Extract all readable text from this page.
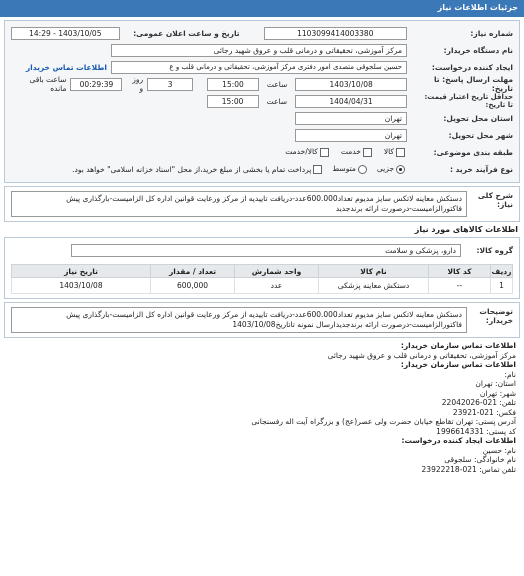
جزئیات اطلاعات نیاز
شماره نیاز:
1103099414003380
تاریخ و ساعت اعلان عمومی:
1403/10/05 - 14:29
نام دستگاه خریدار:
مرکز آموزشی، تحقیقاتی و درمانی قلب و عروق شهید رجائی
ایجاد کننده درخواست:
حسین سلجوقی متصدی امور دفتری مرکز آموزشی، تحقیقاتی و درمانی قلب و ع
اطلاعات تماس خریدار
مهلت ارسال پاسخ: تا تاریخ:
1403/10/08
ساعت
15:00
3
روز و
00:29:39
ساعت باقی مانده
حداقل تاریخ اعتبار قیمت: تا تاریخ:
1404/04/31
ساعت
15:00
استان محل تحویل:
تهران
شهر محل تحویل:
تهران
طبقه بندی موضوعی:
کالا
خدمت
کالا/خدمت
نوع فرآیند خرید :
جزیی
متوسط
پرداخت تمام یا بخشی از مبلغ خرید،از محل "اسناد خزانه اسلامی" خواهد بود.
شرح کلی نیاز:
دستکش معاینه لاتکس سایز مدیوم تعداد600.000عدد-دریافت تاییدیه از مرکز ورعایت قوانین اداره کل الزامیست-بارگذاری پیش فاکتورالزامیست-درصورت ارائه برندجدید
اطلاعات کالاهای مورد نیاز
گروه کالا:
دارو، پزشکی و سلامت
ردیف	کد کالا	نام کالا	واحد شمارش	تعداد / مقدار	تاریخ نیاز
1	--	دستکش معاینه پزشکی	عدد	600,000	1403/10/08
توضیحات خریدار:
دستکش معاینه لاتکس سایز مدیوم تعداد600.000عدد-دریافت تاییدیه از مرکز ورعایت قوانین اداره کل الزامیست-بارگذاری پیش فاکتورالزامیست-درصورت ارائه برندجدیدارسال نمونه تاتاریخ1403/10/08
اطلاعات تماس سازمان خریدار:
مرکز آموزشی، تحقیقاتی و درمانی قلب و عروق شهید رجائی
اطلاعات تماس سازمان خریدار:
نام:
استان: تهران
شهر: تهران
تلفن: 021-22042026
فکس: 021-23921
آدرس پستی: تهران تقاطع خیابان حضرت ولی عصر(عج) و بزرگراه آیت اله رفسنجانی
کد پستی: 1996614331
اطلاعات ایجاد کننده درخواست:
نام: حسین
نام خانوادگی: سلجوقی
تلفن تماس: 021-23922218
